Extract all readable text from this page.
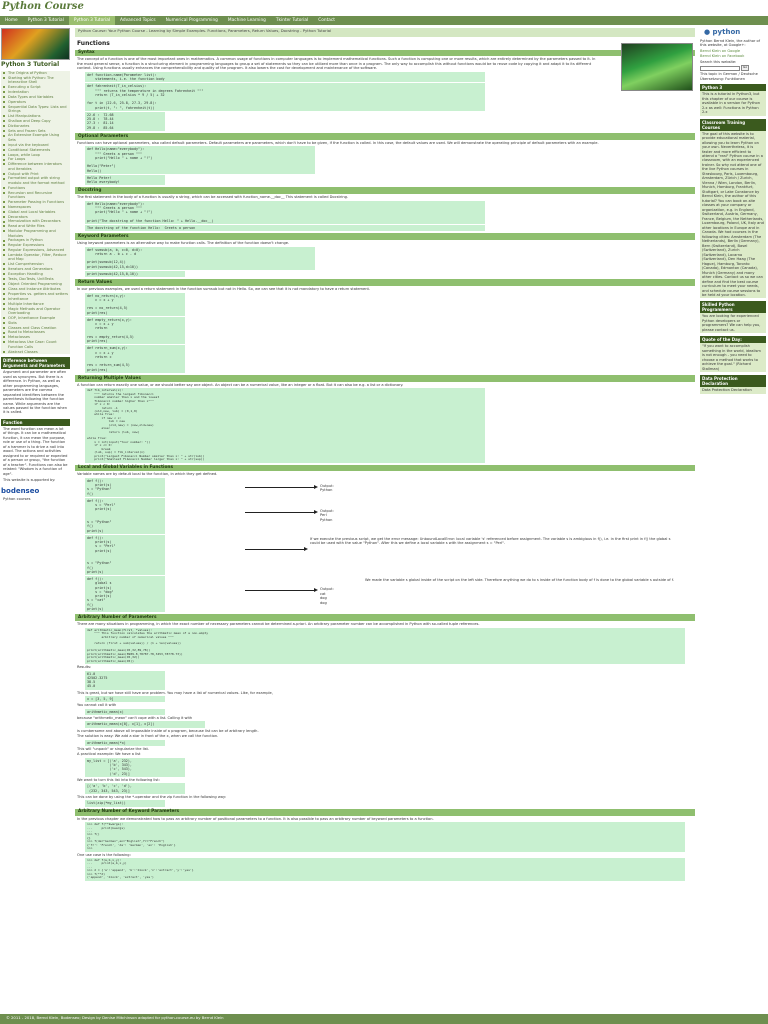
Python Course
Home	Python 3 Tutorial	Python 3 Tutorial	Advanced Topics	Numerical Programming	Machine Learning	Tkinter Tutorial	Contact
Python 3 Tutorial
The Origins of Python
Starting with Python: The Interactive Shell
Executing a Script
Indentation
Data Types and Variables
Operators
Sequential Data Types: Lists and Strings
List Manipulations
Shallow and Deep Copy
Dictionaries
Sets and Frozen Sets
An Extensive Example Using Sets
input via the keyboard
Conditional Statements
Loops, while Loop
For Loops
Difference between interators and Iterables
Output with Print
Formatted output with string modulo and the format method
Functions
Recursion and Recursive Functions
Parameter Passing in Functions
Namespaces
Global and Local Variables
Decorators
Memoization with Decorators
Read and Write Files
Modular Programming and Modules
Packages in Python
Regular Expressions
Regular Expressions, Advanced
Lambda Operator, Filter, Reduce and Map
List Comprehension
Iterators and Generators
Exception Handling
Tests, DocTests, UnitTests
Object Oriented Programming
Class and Instance Attributes
Properties vs. getters and setters
Inheritance
Multiple Inheritance
Magic Methods and Operator Overloading
OOP, Inheritance Example
Slots
Classes and Class Creation
Road to Metaclasses
Metaclasses
Metaclass Use Case: Count Function Calls
Abstract Classes
Difference between Arguments and Parameters
Argument and parameter are often used as synonyms. But there is a difference. In Python, as well as other programming languages, parameters are the comma separated identifiers between the parenthesis following the function name. While arguments are the values passed to the function when it is called.
Function
The word function can mean a lot of things. It can be a mathematical function, it can mean the purpose, role or use of a thing. The function of a hammer is to drive a nail into wood. The actions and activities assigned to or required or expected of a person or group, "the function of a teacher". Functions can also be related: "Wisdom is a function of age".
This website is supported by:
bodenseo
Python courses
Python Course: Your Python Course - Learning by Simple Examples. Functions, Parameters, Return Values, Docstring - Python Tutorial
Functions
Syntax
The concept of a function is one of the most important ones in mathematics. A common usage of functions in computer languages is to implement mathematical functions. Such a function is computing one or more results, which are entirely determined by the parameters passed to it. In the most general sense, a function is a structuring element in programming languages to group a set of statements so they can be utilized more than once in a program. The only way to accomplish this without functions would be to reuse code by copying it and adapt it to its different context. Using functions usually enhances the comprehensibility and quality of the program. It also lowers the cost for development and maintenance of the software.
def function-name(Parameter list):
statements, i.e. the function body
def fahrenheit(T_in_celsius):
""" returns the temperature in degrees Fahrenheit """
return (T_in_celsius * 9 / 5) + 32

for t in (22.6, 25.8, 27.3, 29.8):
print(t, ": ", fahrenheit(t))
22.6 :  72.68
25.8 :  78.44
27.3 :  81.14
29.8 :  85.64
Optional Parameters
Functions can have optional parameters, also called default parameters. Default parameters are parameters, which don't have to be given, if the function is called. In this case, the default values are used. We will demonstrate the operating principle of default parameters with an example.
def Hello(name="everybody"):
""" Greets a person """
print("Hello " + name + "!")

Hello("Peter")
Hello()
Hello Peter!
Hello everybody!
Docstring
The first statement in the body of a function is usually a string, which can be accessed with function_name.__doc__ This statement is called Docstring.
def Hello(name="everybody"):
""" Greets a person """
print("Hello " + name + "!")

print("The docstring of the function Hello: " + Hello.__doc__)
The docstring of the function Hello:  Greets a person
Keyword Parameters
Using keyword parameters is an alternative way to make function calls. The definition of the function doesn't change.
def sumsub(a, b, c=0, d=0):
return a - b + c - d

print(sumsub(12,4))
print(sumsub(42,15,d=10))
print(sumsub(42,15,0,10))
Return Values
In our previous examples, we used a return statement in the function sumsub but not in Hello. So, we can see that it is not mandatory to have a return statement.
def no_return(x,y):
c = x + y

res = no_return(4,5)
print(res)
def empty_return(x,y):
c = x + y
return

res = empty_return(4,5)
print(res)
def return_sum(x,y):
c = x + y
return c

res = return_sum(4,5)
print(res)
Returning Multiple Values
A function can return exactly one value, or we should better say one object. An object can be a numerical value, like an integer or a float. But it can also be e.g. a list or a dictionary.
def fib_interval(x):
""" returns the largest fibonacci
number smaller than x and the lowest
fibonacci number higher than x"""
if x < 0:
return -1
(old,new, lub) = (0,1,0)
while True:
if new < x:
lub = new
(old,new) = (new,old+new)
else:
return (lub, new)

while True:
x = int(input("Your number: "))
if x <= 0:
break
(lub, sup) = fib_interval(x)
print("Largest Fibonacci Number smaller than x: " + str(lub))
print("Smallest Fibonacci Number larger than x: " + str(sup))
Local and Global Variables in Functions
Variable names are by default local to the function, in which they get defined.
def f():
print(s)
s = "Python"
f()
Output:
Python
def f():
s = "Perl"
print(s)

s = "Python"
f()
print(s)
Output:
Perl
Python
def f():
print(s)
s = "Perl"
print(s)

s = "Python"
f()
print(s)
If we execute the previous script, we get the error message: UnboundLocalError: local variable 's' referenced before assignment. The variable s is ambigious in f(), i.e. in the first print in f() the global s could be used with the value "Python". After this we define a local variable s with the assignment s = "Perl".
def f():
global s
print(s)
s = "dog"
print(s)
s = "cat"
f()
print(s)
Output:
cat
dog
dog
We made the variable s global inside of the script on the left side. Therefore anything we do to s inside of the function body of f is done to the global variable s outside of f.
Arbitrary Number of Parameters
There are many situations in programming, in which the exact number of necessary parameters cannot be determined a-priori. An arbitrary parameter number can be accomplished in Python with so-called tuple references.
def arithmetic_mean(first, *values):
""" This function calculates the arithmetic mean of a non-empty
arbitrary number of numerical values """

return (first + sum(values)) / (1 + len(values))

print(arithmetic_mean(45,32,89,78))
print(arithmetic_mean(8989.8,78787.78,3453,78778.73))
print(arithmetic_mean(45,32))
print(arithmetic_mean(45))
Results:
61.0
42502.3275
38.5
45.0
This is great, but we have still have one problem. You may have a list of numerical values. Like, for example,
x = [3, 5, 9]
You cannot call it with
arithmetic_mean(x)
because "arithmetic_mean" can't cope with a list. Calling it with
arithmetic_mean(x[0], x[1], x[2])
is cumbersome and above all impossible inside of a program, because list can be of arbitrary length.
The solution is easy: We add a star in front of the x, when we call the function.
arithmetic_mean(*x)
This will "unpack" or singularize the list.
A practical example: We have a list
my_list = [('a', 232),
('b', 343),
('c', 543),
('d', 23)]
We want to turn this list into the following list:
[('a', 'b', 'c', 'd'),
(232, 343, 543, 23)]
This can be done by using the *-operator and the zip function in the following way:
list(zip(*my_list))
Arbitrary Number of Keyword Parameters
In the previous chapter we demonstrated how to pass an arbitrary number of positional parameters to a function. It is also possible to pass an arbitrary number of keyword parameters to a function.
>>> def f(**kwargs):
...     print(kwargs)
...
>>> f()
{}
>>> f(de="German",en="English",fr="French")
{'fr': 'French', 'de': 'German', 'en': 'English'}
>>>
One use case is the following:
>>> def f(a,b,x,y):
...     print(a,b,x,y)
...
>>> d = {'a':'append', 'b':'block','x':'extract','y':'yes'}
>>> f(**d)
('append', 'block', 'extract', 'yes')
● python
Python Bernd Klein, the author of this website, at Google+:
Bernd Klein on Google
Bernd Klein on Facebook
Search this website:
Go
This topic in German / Deutsche Übersetzung: Funktionen
Python 3
This is a tutorial in Python3, but this chapter of our course is available in a version for Python 2.x as well: Functions in Python 2.x
Classroom Training Courses
The goal of this website is to provide educational material, allowing you to learn Python on your own. Nevertheless, it is faster and more efficient to attend a "real" Python course in a classroom, with an experienced trainer. So why not attend one of the live Python courses in Strasbourg, Paris, Luxembourg, Amsterdam, Zürich / Zurich, Vienna / Wien, London, Berlin, Munich, Hamburg, Frankfurt, Stuttgart, or Lake Constance by Bernd Klein, the author of this tutorial? You can book on-site classes at your company or organization, e.g. in England, Switzerland, Austria, Germany, France, Belgium, the Netherlands, Luxembourg, Poland, UK, Italy and other locations in Europe and in Canada. We had courses in the following cities: Amsterdam (The Netherlands), Berlin (Germany), Bern (Switzerland), Basel (Switzerland), Zurich (Switzerland), Locarno (Switzerland), Den Haag (The Hague), Hamburg, Toronto (Canada), Edmonton (Canada), Munich (Germany) and many other cities. Contact us so we can define and find the best course curriculum to meet your needs, and schedule course sessions to be held at your location.
Skilled Python Programmers
You are looking for experienced Python developers or programmers? We can help you, please contact us.
Quote of the Day:
"If you want to accomplish something in the world, idealism is not enough - you need to choose a method that works to achieve the goal." (Richard Stallman)
Data Protection Declaration
Data Protection Declaration
© 2011 - 2018, Bernd Klein, Bodenseo; Design by Denise Mitchinson adapted for python-course.eu by Bernd Klein
